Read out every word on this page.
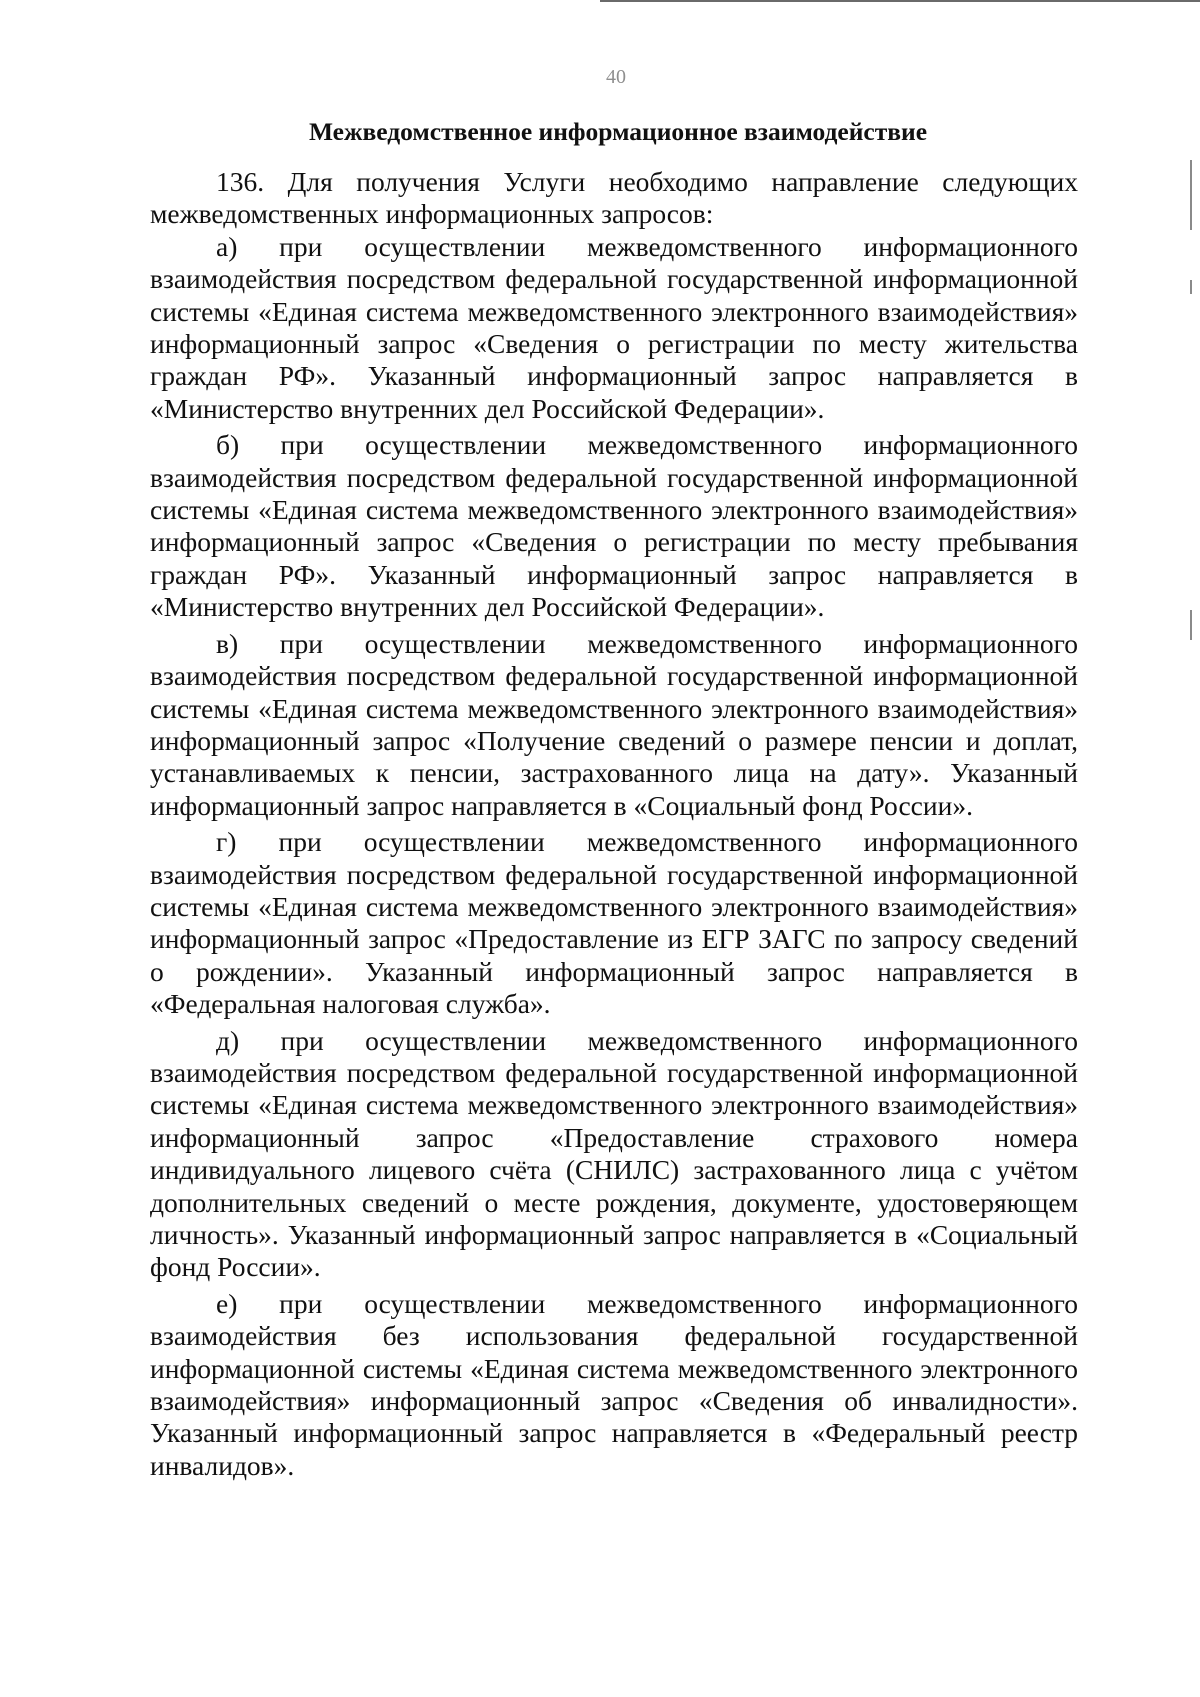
40
Межведомственное информационное взаимодействие

136. Для получения Услуги необходимо направление следующих межведомственных информационных запросов:

а) при осуществлении межведомственного информационного взаимодействия посредством федеральной государственной информационной системы «Единая система межведомственного электронного взаимодействия» информационный запрос «Сведения о регистрации по месту жительства граждан РФ». Указанный информационный запрос направляется в «Министерство внутренних дел Российской Федерации».

б) при осуществлении межведомственного информационного взаимодействия посредством федеральной государственной информационной системы «Единая система межведомственного электронного взаимодействия» информационный запрос «Сведения о регистрации по месту пребывания граждан РФ». Указанный информационный запрос направляется в «Министерство внутренних дел Российской Федерации».

в) при осуществлении межведомственного информационного взаимодействия посредством федеральной государственной информационной системы «Единая система межведомственного электронного взаимодействия» информационный запрос «Получение сведений о размере пенсии и доплат, устанавливаемых к пенсии, застрахованного лица на дату». Указанный информационный запрос направляется в «Социальный фонд России».

г) при осуществлении межведомственного информационного взаимодействия посредством федеральной государственной информационной системы «Единая система межведомственного электронного взаимодействия» информационный запрос «Предоставление из ЕГР ЗАГС по запросу сведений о рождении». Указанный информационный запрос направляется в «Федеральная налоговая служба».

д) при осуществлении межведомственного информационного взаимодействия посредством федеральной государственной информационной системы «Единая система межведомственного электронного взаимодействия» информационный запрос «Предоставление страхового номера индивидуального лицевого счёта (СНИЛС) застрахованного лица с учётом дополнительных сведений о месте рождения, документе, удостоверяющем личность». Указанный информационный запрос направляется в «Социальный фонд России».

е) при осуществлении межведомственного информационного взаимодействия без использования федеральной государственной информационной системы «Единая система межведомственного электронного взаимодействия» информационный запрос «Сведения об инвалидности». Указанный информационный запрос направляется в «Федеральный реестр инвалидов».
